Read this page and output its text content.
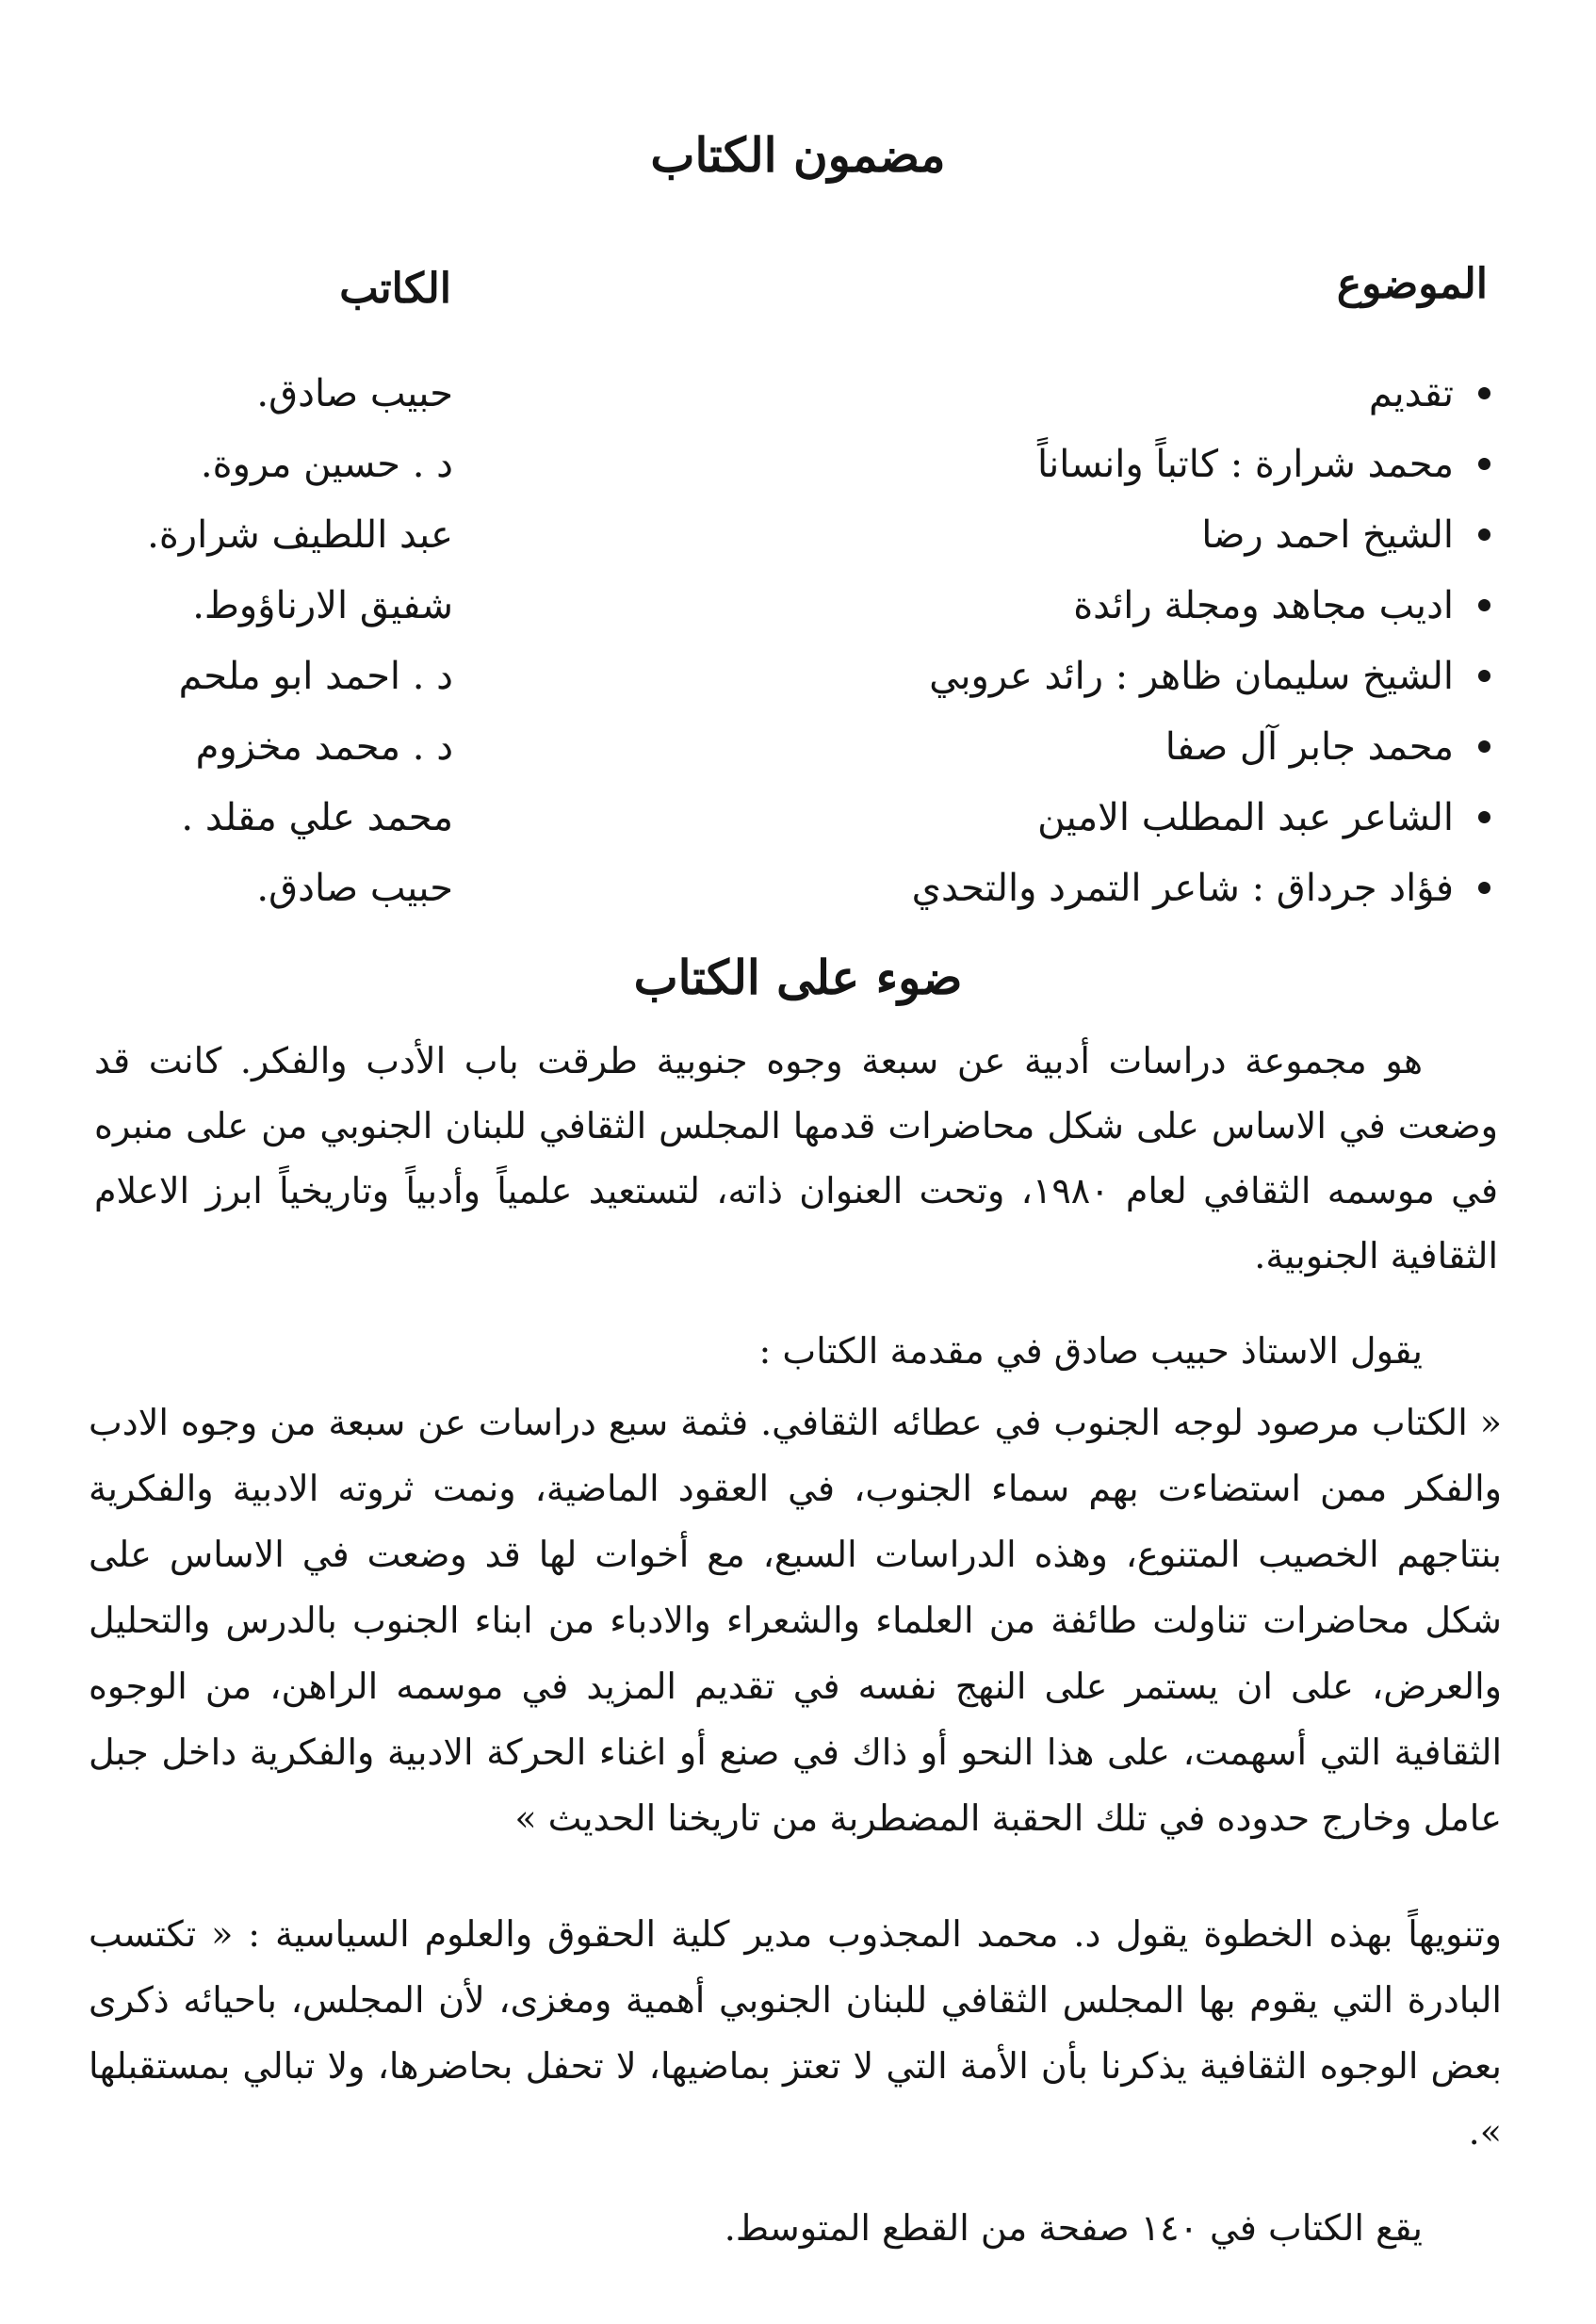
مضمون الكتاب
الموضوع
الكاتب
تقديم
محمد شرارة : كاتباً وانساناً
الشيخ احمد رضا
اديب مجاهد ومجلة رائدة
الشيخ سليمان ظاهر : رائد عروبي
محمد جابر آل صفا
الشاعر عبد المطلب الامين
فؤاد جرداق : شاعر التمرد والتحدي
حبيب صادق.
د . حسين مروة.
عبد اللطيف شرارة.
شفيق الارناؤوط.
د . احمد ابو ملحم
د . محمد مخزوم
محمد علي مقلد .
حبيب صادق.
ضوء على الكتاب

هو مجموعة دراسات أدبية عن سبعة وجوه جنوبية طرقت باب الأدب والفكر. كانت قد وضعت في الاساس على شكل محاضرات قدمها المجلس الثقافي للبنان الجنوبي من على منبره في موسمه الثقافي لعام ١٩٨٠، وتحت العنوان ذاته، لتستعيد علمياً وأدبياً وتاريخياً ابرز الاعلام الثقافية الجنوبية.

يقول الاستاذ حبيب صادق في مقدمة الكتاب :

« الكتاب مرصود لوجه الجنوب في عطائه الثقافي. فثمة سبع دراسات عن سبعة من وجوه الادب والفكر ممن استضاءت بهم سماء الجنوب، في العقود الماضية، ونمت ثروته الادبية والفكرية بنتاجهم الخصيب المتنوع، وهذه الدراسات السبع، مع أخوات لها قد وضعت في الاساس على شكل محاضرات تناولت طائفة من العلماء والشعراء والادباء من ابناء الجنوب بالدرس والتحليل والعرض، على ان يستمر على النهج نفسه في تقديم المزيد في موسمه الراهن، من الوجوه الثقافية التي أسهمت، على هذا النحو أو ذاك في صنع أو اغناء الحركة الادبية والفكرية داخل جبل عامل وخارج حدوده في تلك الحقبة المضطربة من تاريخنا الحديث »

وتنويهاً بهذه الخطوة يقول د. محمد المجذوب مدير كلية الحقوق والعلوم السياسية : « تكتسب البادرة التي يقوم بها المجلس الثقافي للبنان الجنوبي أهمية ومغزى، لأن المجلس، باحيائه ذكرى بعض الوجوه الثقافية يذكرنا بأن الأمة التي لا تعتز بماضيها، لا تحفل بحاضرها، ولا تبالي بمستقبلها ».

يقع الكتاب في ١٤٠ صفحة من القطع المتوسط.
